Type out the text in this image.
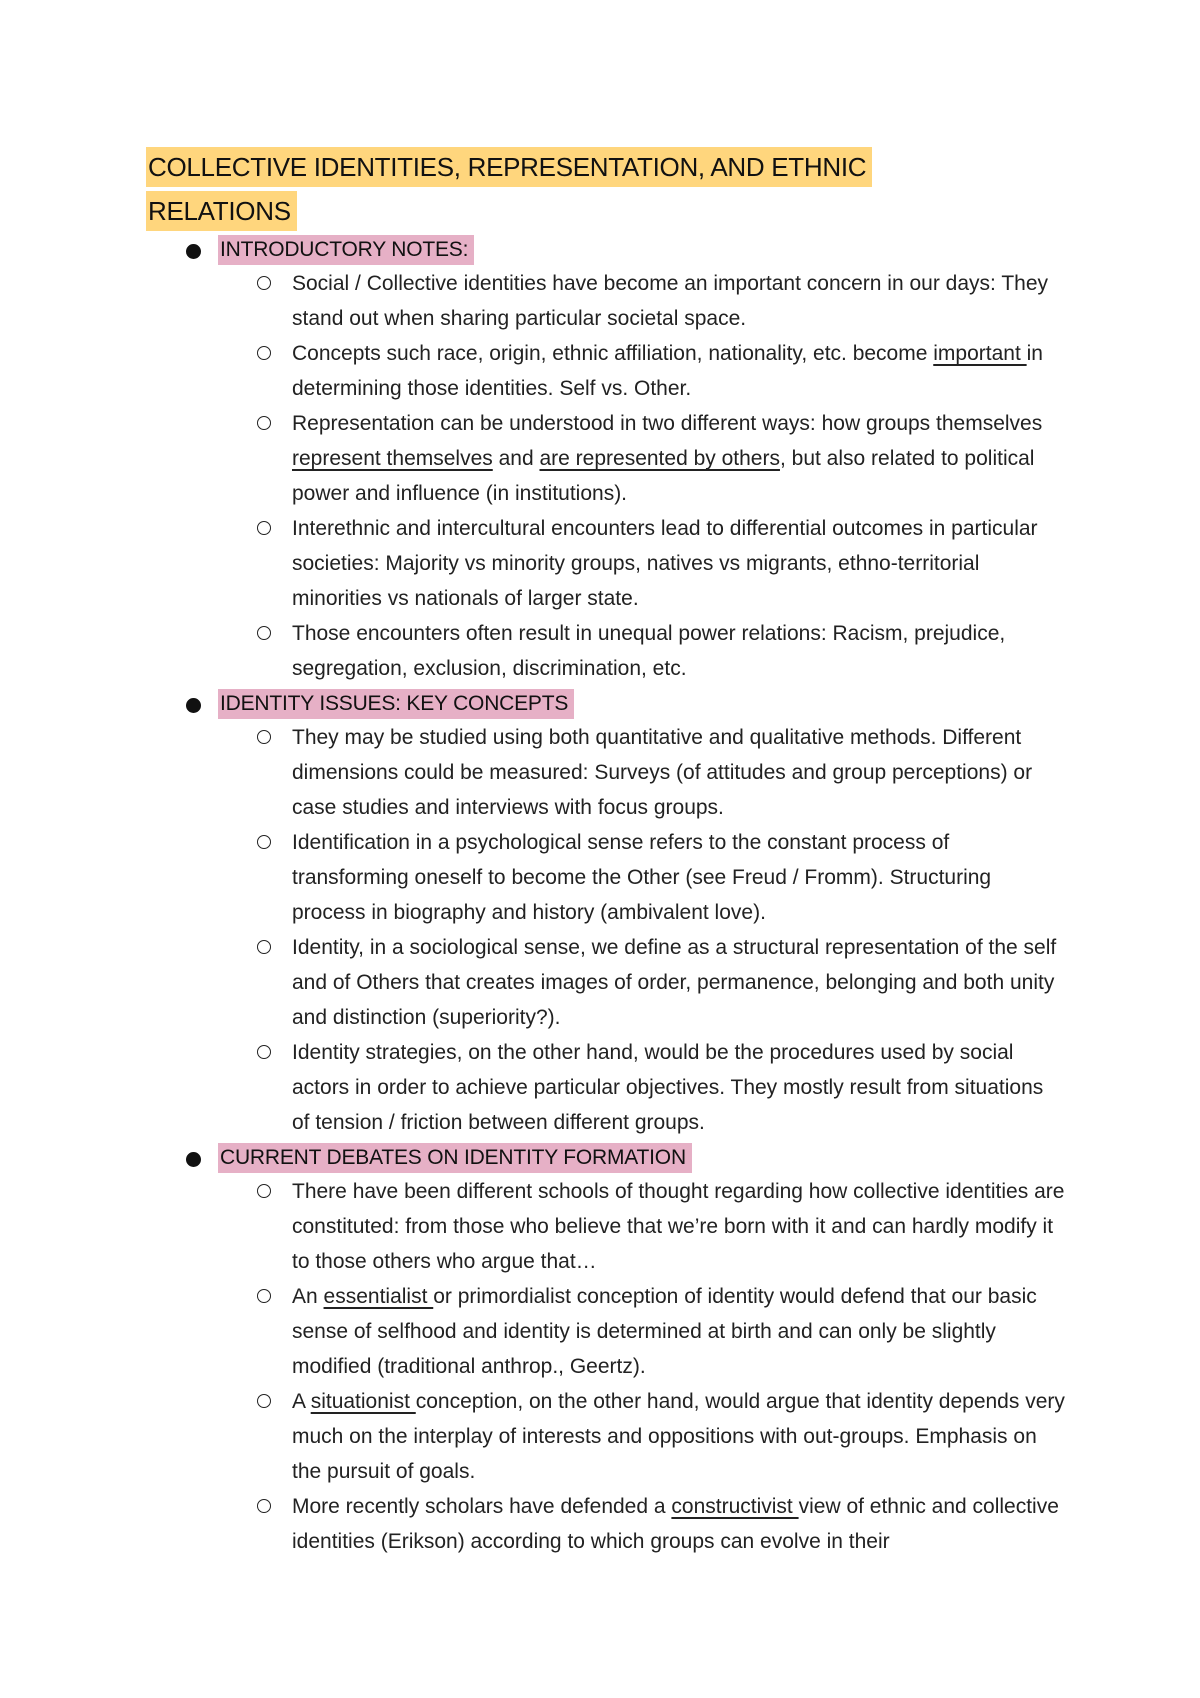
COLLECTIVE IDENTITIES, REPRESENTATION, AND ETHNIC
RELATIONS
INTRODUCTORY NOTES:

Social / Collective identities have become an important concern in our days: They stand out when sharing particular societal space.

Concepts such race, origin, ethnic affiliation, nationality, etc. become important in determining those identities. Self vs. Other.

Representation can be understood in two different ways: how groups themselves represent themselves and are represented by others, but also related to political power and influence (in institutions).

Interethnic and intercultural encounters lead to differential outcomes in particular societies: Majority vs minority groups, natives vs migrants, ethno-territorial minorities vs nationals of larger state.

Those encounters often result in unequal power relations: Racism, prejudice, segregation, exclusion, discrimination, etc.

IDENTITY ISSUES: KEY CONCEPTS

They may be studied using both quantitative and qualitative methods. Different dimensions could be measured: Surveys (of attitudes and group perceptions) or case studies and interviews with focus groups.

Identification in a psychological sense refers to the constant process of transforming oneself to become the Other (see Freud / Fromm). Structuring process in biography and history (ambivalent love).

Identity, in a sociological sense, we define as a structural representation of the self and of Others that creates images of order, permanence, belonging and both unity and distinction (superiority?).

Identity strategies, on the other hand, would be the procedures used by social actors in order to achieve particular objectives. They mostly result from situations of tension / friction between different groups.

CURRENT DEBATES ON IDENTITY FORMATION

There have been different schools of thought regarding how collective identities are constituted: from those who believe that we’re born with it and can hardly modify it to those others who argue that…

An essentialist or primordialist conception of identity would defend that our basic sense of selfhood and identity is determined at birth and can only be slightly modified (traditional anthrop., Geertz).

A situationist conception, on the other hand, would argue that identity depends very much on the interplay of interests and oppositions with out-groups. Emphasis on the pursuit of goals.

More recently scholars have defended a constructivist view of ethnic and collective identities (Erikson) according to which groups can evolve in their
